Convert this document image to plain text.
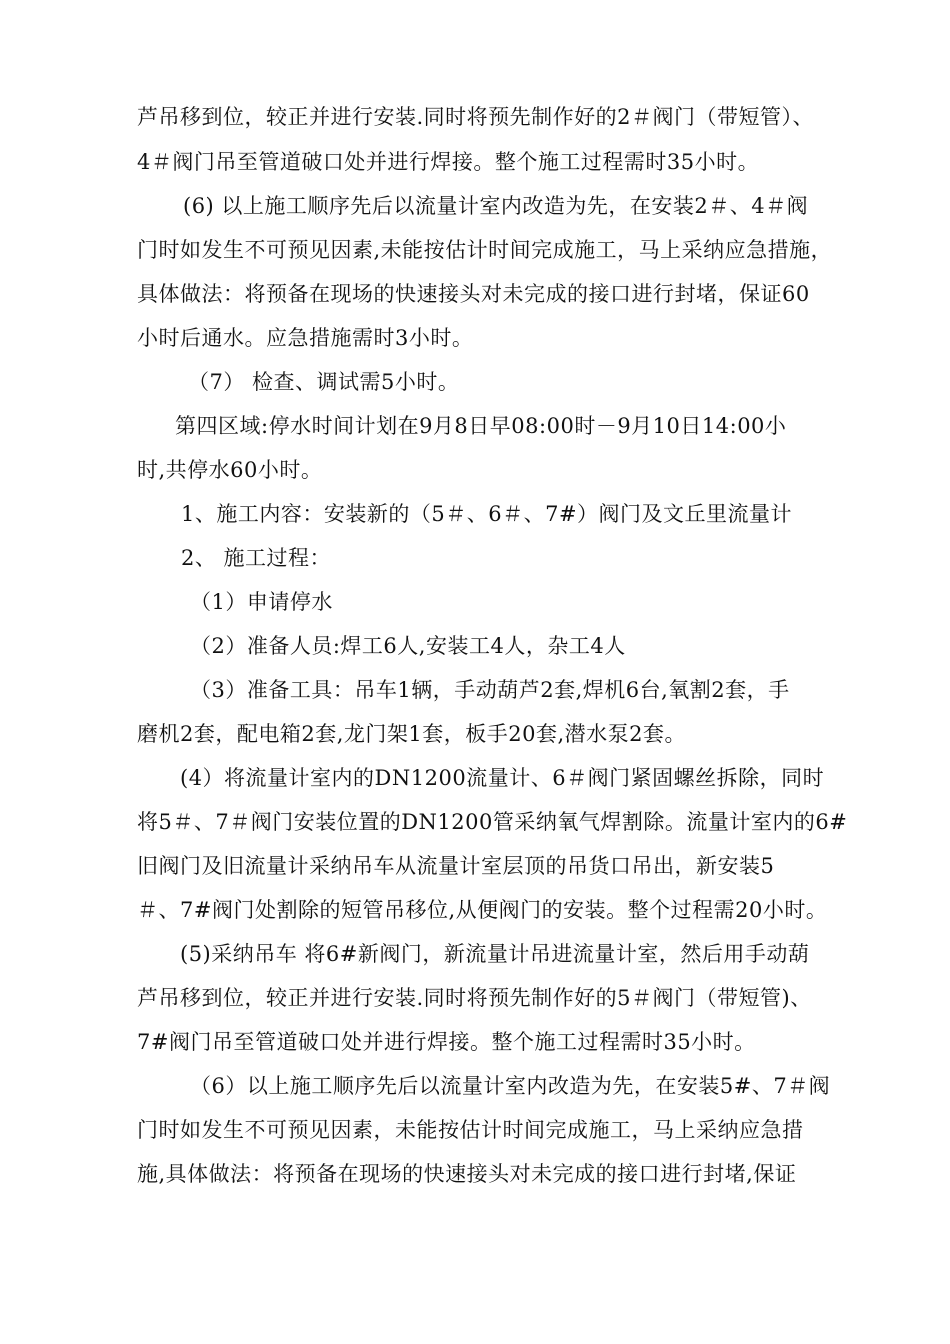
芦吊移到位，较正并进行安装.同时将预先制作好的2＃阀门（带短管）、
4＃阀门吊至管道破口处并进行焊接。整个施工过程需时35小时。
(6) 以上施工顺序先后以流量计室内改造为先，在安装2＃、4＃阀
门时如发生不可预见因素,未能按估计时间完成施工，马上采纳应急措施，
具体做法：将预备在现场的快速接头对未完成的接口进行封堵，保证60
小时后通水。应急措施需时3小时。
（7） 检查、调试需5小时。
第四区域:停水时间计划在9月8日早08:00时－9月10日14:00小
时,共停水60小时。
1、施工内容：安装新的（5＃、6＃、7#）阀门及文丘里流量计
2、 施工过程：
（1）申请停水
（2）准备人员:焊工6人,安装工4人，杂工4人
（3）准备工具：吊车1辆，手动葫芦2套,焊机6台,氧割2套，手
磨机2套，配电箱2套,龙门架1套，板手20套,潜水泵2套。
(4）将流量计室内的DN1200流量计、6＃阀门紧固螺丝拆除，同时
将5＃、7＃阀门安装位置的DN1200管采纳氧气焊割除。流量计室内的6#
旧阀门及旧流量计采纳吊车从流量计室层顶的吊货口吊出，新安装5
＃、7#阀门处割除的短管吊移位,从便阀门的安装。整个过程需20小时。
(5)采纳吊车 将6#新阀门，新流量计吊进流量计室，然后用手动葫
芦吊移到位，较正并进行安装.同时将预先制作好的5＃阀门（带短管)、
7#阀门吊至管道破口处并进行焊接。整个施工过程需时35小时。
（6）以上施工顺序先后以流量计室内改造为先，在安装5#、7＃阀
门时如发生不可预见因素，未能按估计时间完成施工，马上采纳应急措
施,具体做法：将预备在现场的快速接头对未完成的接口进行封堵,保证
